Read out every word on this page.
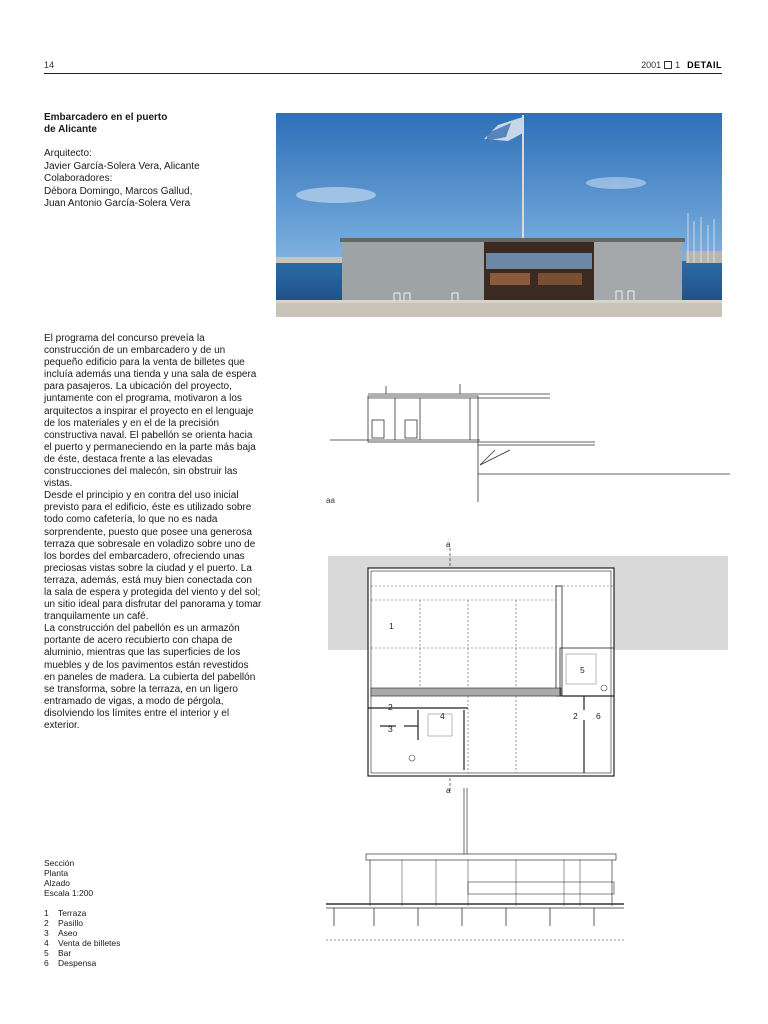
14	2001 1 DETAIL
Embarcadero en el puerto
de Alicante
Arquitecto:
Javier García-Solera Vera, Alicante
Colaboradores:
Débora Domingo, Marcos Gallud,
Juan Antonio García-Solera Vera

El programa del concurso preveía la construcción de un embarcadero y de un pequeño edificio para la venta de billetes que incluía además una tienda y una sala de espera para pasajeros. La ubicación del proyecto, juntamente con el programa, motivaron a los arquitectos a inspirar el proyecto en el lenguaje de los materiales y en el de la precisión constructiva naval. El pabellón se orienta hacia el puerto y permaneciendo en la parte más baja de éste, destaca frente a las elevadas construcciones del malecón, sin obstruir las vistas.

Desde el principio y en contra del uso inicial previsto para el edificio, éste es utilizado sobre todo como cafetería, lo que no es nada sorprendente, puesto que posee una generosa terraza que sobresale en voladizo sobre uno de los bordes del embarcadero, ofreciendo unas preciosas vistas sobre la ciudad y el puerto. La terraza, además, está muy bien conectada con la sala de espera y protegida del viento y del sol; un sitio ideal para disfrutar del panorama y tomar tranquilamente un café.

La construcción del pabellón es un armazón portante de acero recubierto con chapa de aluminio, mientras que las superficies de los muebles y de los pavimentos están revestidos en paneles de madera. La cubierta del pabellón se transforma, sobre la terraza, en un ligero entramado de vigas, a modo de pérgola, disolviendo los límites entre el interior y el exterior.

aa
a
a
1
2
3
4
5
2 6
Sección
Planta
Alzado
Escala 1:200
1	Terraza
2	Pasillo
3	Aseo
4	Venta de billetes
5	Bar
6	Despensa
